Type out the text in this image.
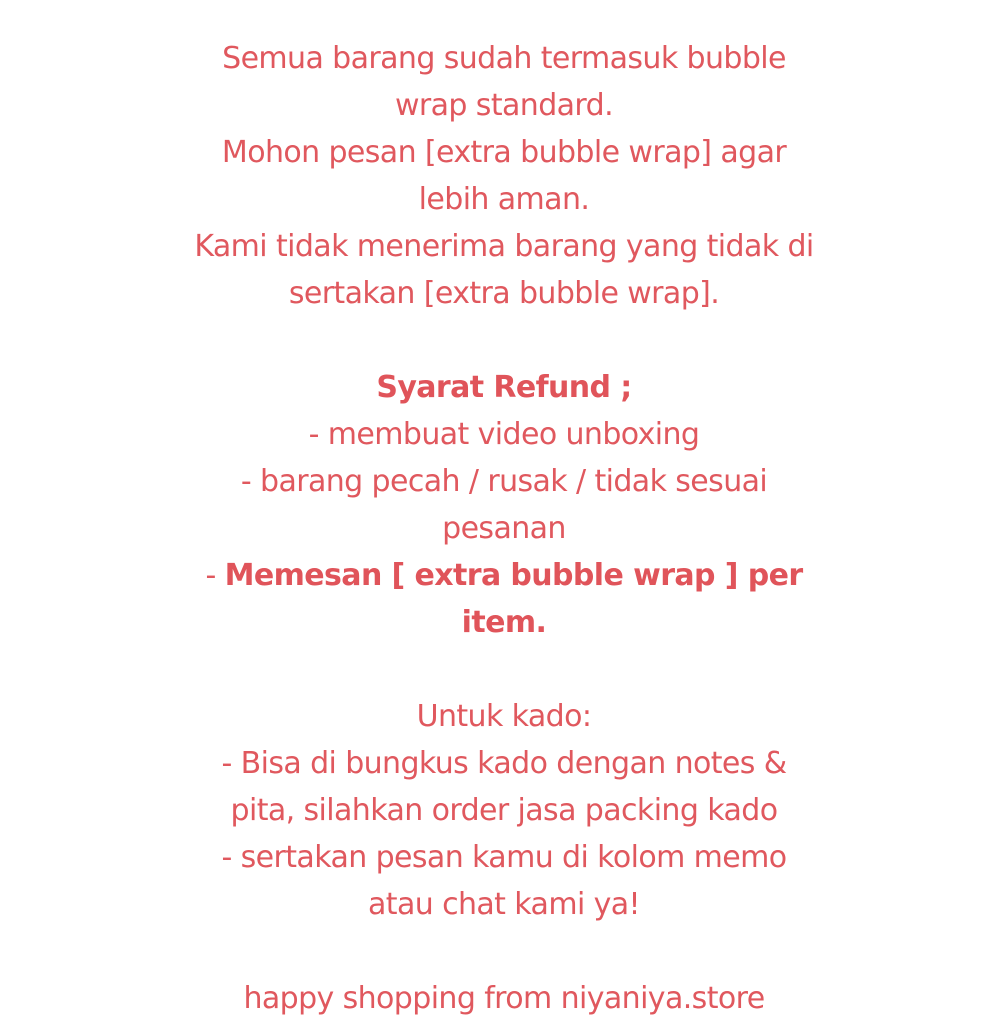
Semua barang sudah termasuk bubble
wrap standard.
Mohon pesan [extra bubble wrap] agar
lebih aman.
Kami tidak menerima barang yang tidak di
sertakan [extra bubble wrap].
Syarat Refund ;
- membuat video unboxing
- barang pecah / rusak / tidak sesuai
pesanan
- Memesan [ extra bubble wrap ] per
item.
Untuk kado:
- Bisa di bungkus kado dengan notes &
pita, silahkan order jasa packing kado
- sertakan pesan kamu di kolom memo
atau chat kami ya!
happy shopping from niyaniya.store
